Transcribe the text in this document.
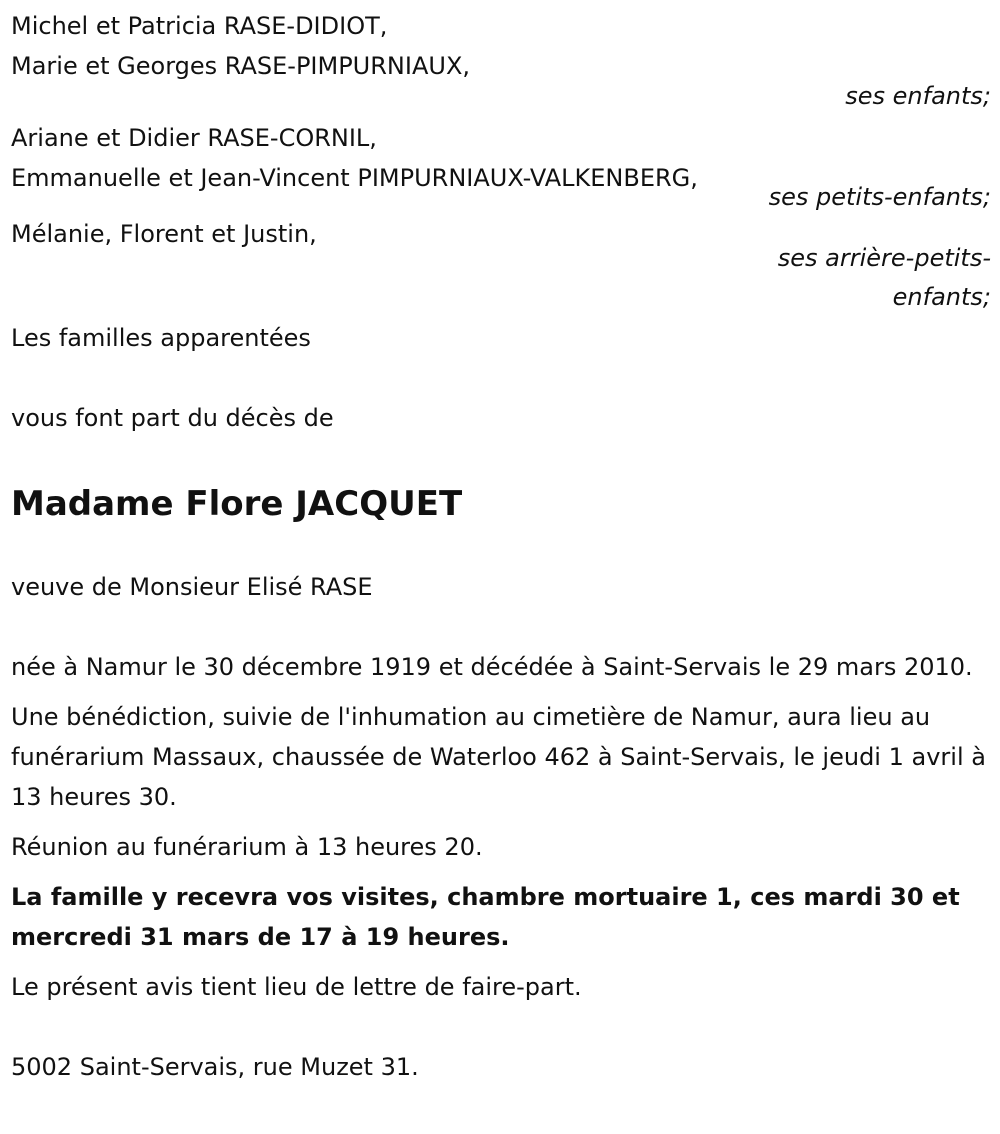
Michel et Patricia RASE-DIDIOT,
Marie et Georges RASE-PIMPURNIAUX,
ses enfants;
Ariane et Didier RASE-CORNIL,
Emmanuelle et Jean-Vincent PIMPURNIAUX-VALKENBERG,
ses petits-enfants;
Mélanie, Florent et Justin,
ses arrière-petits-
enfants;
Les familles apparentées
vous font part du décès de
Madame Flore JACQUET
veuve de Monsieur Elisé RASE
née à Namur le 30 décembre 1919 et décédée à Saint-Servais le 29 mars 2010.
Une bénédiction, suivie de l'inhumation au cimetière de Namur, aura lieu au funérarium Massaux, chaussée de Waterloo 462 à Saint-Servais, le jeudi 1 avril à 13 heures 30.
Réunion au funérarium à 13 heures 20.
La famille y recevra vos visites, chambre mortuaire 1, ces mardi 30 et mercredi 31 mars de 17 à 19 heures.
Le présent avis tient lieu de lettre de faire-part.
5002 Saint-Servais, rue Muzet 31.
